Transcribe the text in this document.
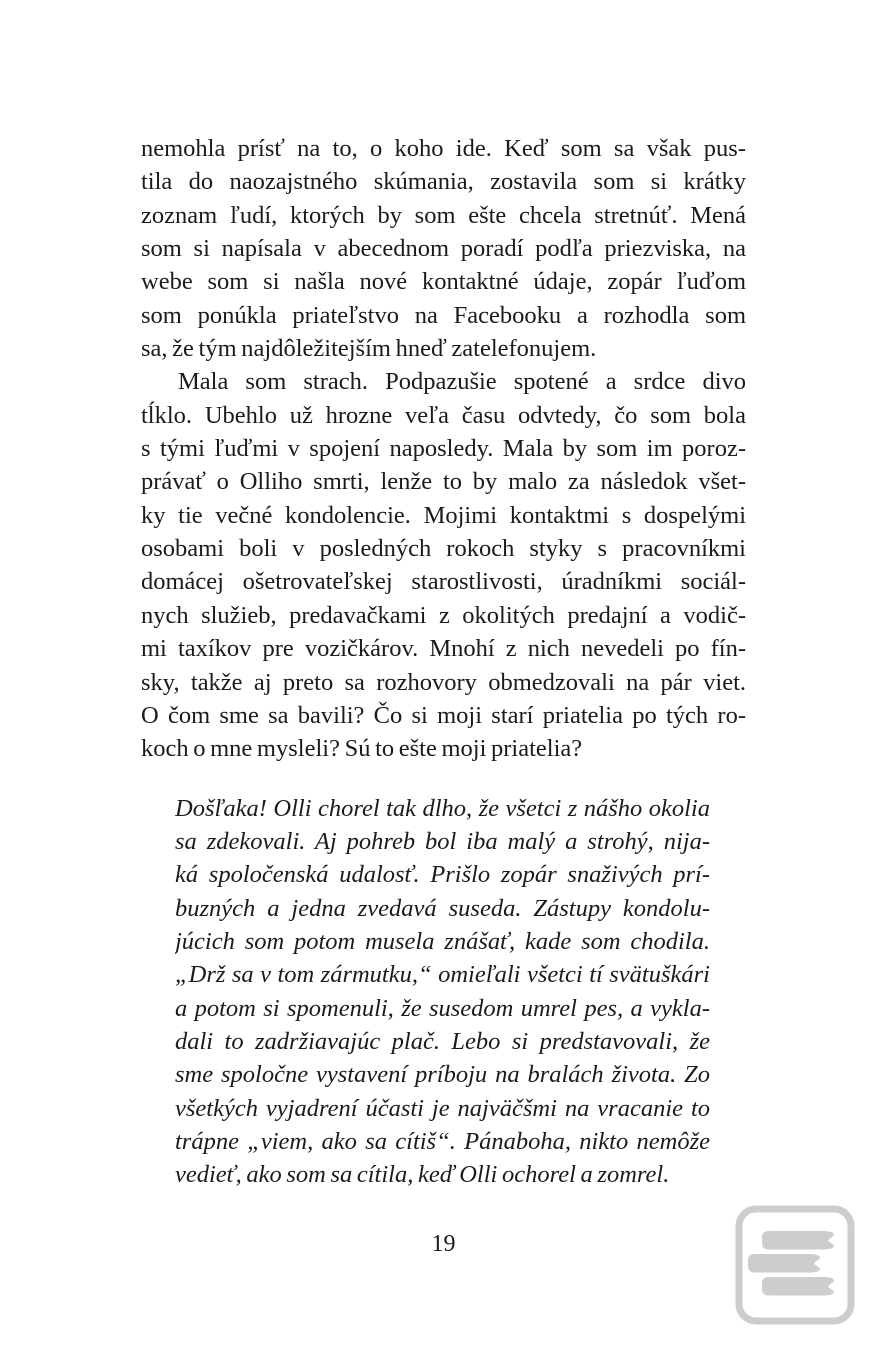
nemohla prísť na to, o koho ide. Keď som sa však pus-
tila do naozajstného skúmania, zostavila som si krátky
zoznam ľudí, ktorých by som ešte chcela stretnúť. Mená
som si napísala v abecednom poradí podľa priezviska, na
webe som si našla nové kontaktné údaje, zopár ľuďom
som ponúkla priateľstvo na Facebooku a rozhodla som
sa, že tým najdôležitejším hneď zatelefonujem.
Mala som strach. Podpazušie spotené a srdce divo
tĺklo. Ubehlo už hrozne veľa času odvtedy, čo som bola
s tými ľuďmi v spojení naposledy. Mala by som im poroz-
právať o Olliho smrti, lenže to by malo za následok všet-
ky tie večné kondolencie. Mojimi kontaktmi s dospelými
osobami boli v posledných rokoch styky s pracovníkmi
domácej ošetrovateľskej starostlivosti, úradníkmi sociál-
nych služieb, predavačkami z okolitých predajní a vodič-
mi taxíkov pre vozičkárov. Mnohí z nich nevedeli po fín-
sky, takže aj preto sa rozhovory obmedzovali na pár viet.
O čom sme sa bavili? Čo si moji starí priatelia po tých ro-
koch o mne mysleli? Sú to ešte moji priatelia?
Došľaka! Olli chorel tak dlho, že všetci z nášho okolia
sa zdekovali. Aj pohreb bol iba malý a strohý, nija-
ká spoločenská udalosť. Prišlo zopár snaživých prí-
buzných a jedna zvedavá suseda. Zástupy kondolu-
júcich som potom musela znášať, kade som chodila.
„Drž sa v tom zármutku,“ omieľali všetci tí svätuškári
a potom si spomenuli, že susedom umrel pes, a vykla-
dali to zadržiavajúc plač. Lebo si predstavovali, že
sme spoločne vystavení príboju na bralách života. Zo
všetkých vyjadrení účasti je najväčšmi na vracanie to
trápne „viem, ako sa cítiš“. Pánaboha, nikto nemôže
vedieť, ako som sa cítila, keď Olli ochorel a zomrel.
19
